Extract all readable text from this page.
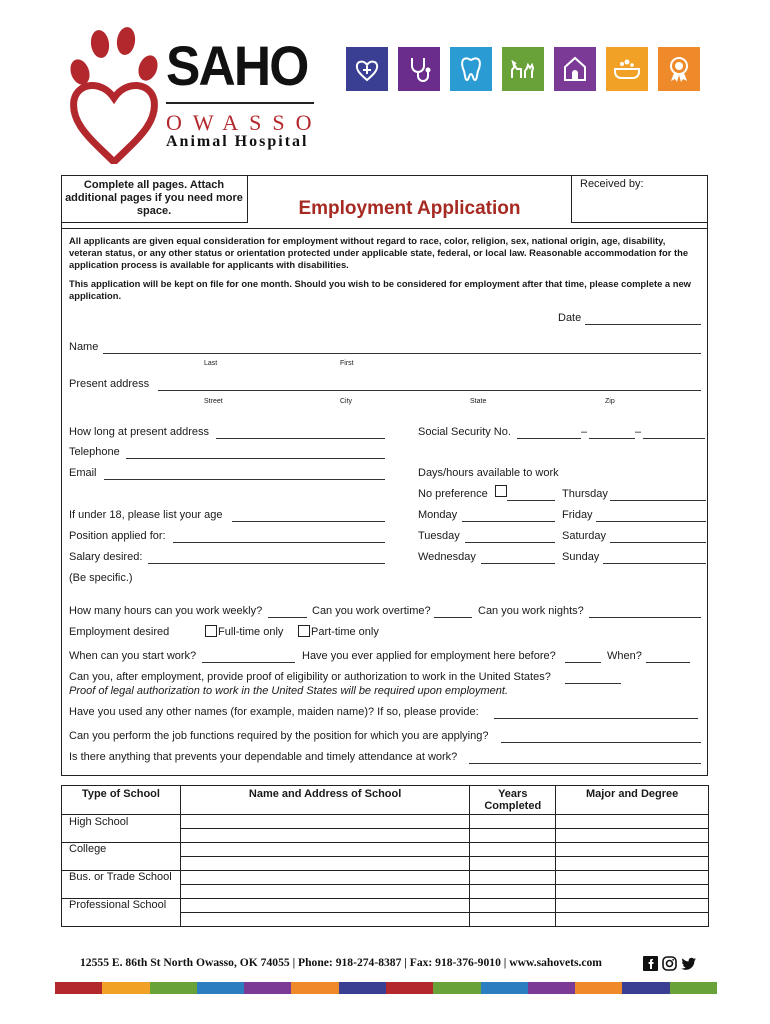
SAHO
OWASSO
Animal Hospital
Complete all pages. Attach additional pages if you need more space.
Received by:
Employment Application
All applicants are given equal consideration for employment without regard to race, color, religion, sex, national origin, age, disability, veteran status, or any other status or orientation protected under applicable state, federal, or local law. Reasonable accommodation for the application process is available for applicants with disabilities.
This application will be kept on file for one month. Should you wish to be considered for employment after that time, please complete a new application.
Date
Name
Last	First
Present address
Street	City	State	Zip
How long at present address	Social Security No.	–	–
Telephone
Email	Days/hours available to work
No preference	Thursday
If under 18, please list your age	Monday	Friday
Position applied for:	Tuesday	Saturday
Salary desired:	Wednesday	Sunday
(Be specific.)
How many hours can you work weekly?	Can you work overtime?	Can you work nights?
Employment desired	Full-time only	Part-time only
When can you start work?	Have you ever applied for employment here before?	When?
Can you, after employment, provide proof of eligibility or authorization to work in the United States?
Proof of legal authorization to work in the United States will be required upon employment.
Have you used any other names (for example, maiden name)? If so, please provide:
Can you perform the job functions required by the position for which you are applying?
Is there anything that prevents your dependable and timely attendance at work?
Type of School	Name and Address of School	Years Completed	Major and Degree
High School			

College			

Bus. or Trade School			

Professional School			

12555 E. 86th St North Owasso, OK 74055 | Phone: 918-274-8387 | Fax: 918-376-9010 | www.sahovets.com
